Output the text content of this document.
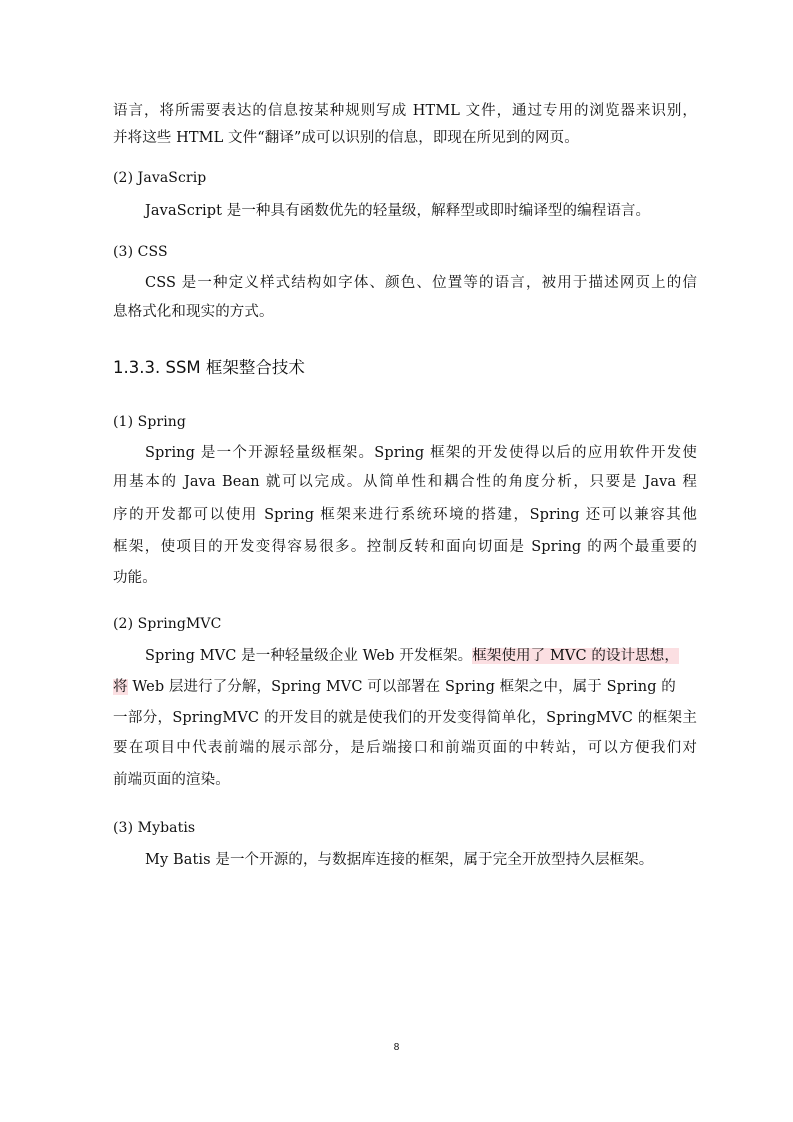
语言，将所需要表达的信息按某种规则写成 HTML 文件，通过专用的浏览器来识别，
并将这些 HTML 文件“翻译”成可以识别的信息，即现在所见到的网页。
(2) JavaScrip
JavaScript 是一种具有函数优先的轻量级，解释型或即时编译型的编程语言。
(3) CSS
CSS 是一种定义样式结构如字体、颜色、位置等的语言，被用于描述网页上的信
息格式化和现实的方式。
1.3.3. SSM 框架整合技术
(1) Spring
Spring 是一个开源轻量级框架。Spring 框架的开发使得以后的应用软件开发使
用基本的 Java Bean 就可以完成。从简单性和耦合性的角度分析，只要是 Java 程
序的开发都可以使用 Spring 框架来进行系统环境的搭建，Spring 还可以兼容其他
框架，使项目的开发变得容易很多。控制反转和面向切面是 Spring 的两个最重要的
功能。
(2) SpringMVC
Spring MVC 是一种轻量级企业 Web 开发框架。框架使用了 MVC 的设计思想，
将 Web 层进行了分解，Spring MVC 可以部署在 Spring 框架之中，属于 Spring 的
一部分，SpringMVC 的开发目的就是使我们的开发变得简单化，SpringMVC 的框架主
要在项目中代表前端的展示部分，是后端接口和前端页面的中转站，可以方便我们对
前端页面的渲染。
(3) Mybatis
My Batis 是一个开源的，与数据库连接的框架，属于完全开放型持久层框架。
8
